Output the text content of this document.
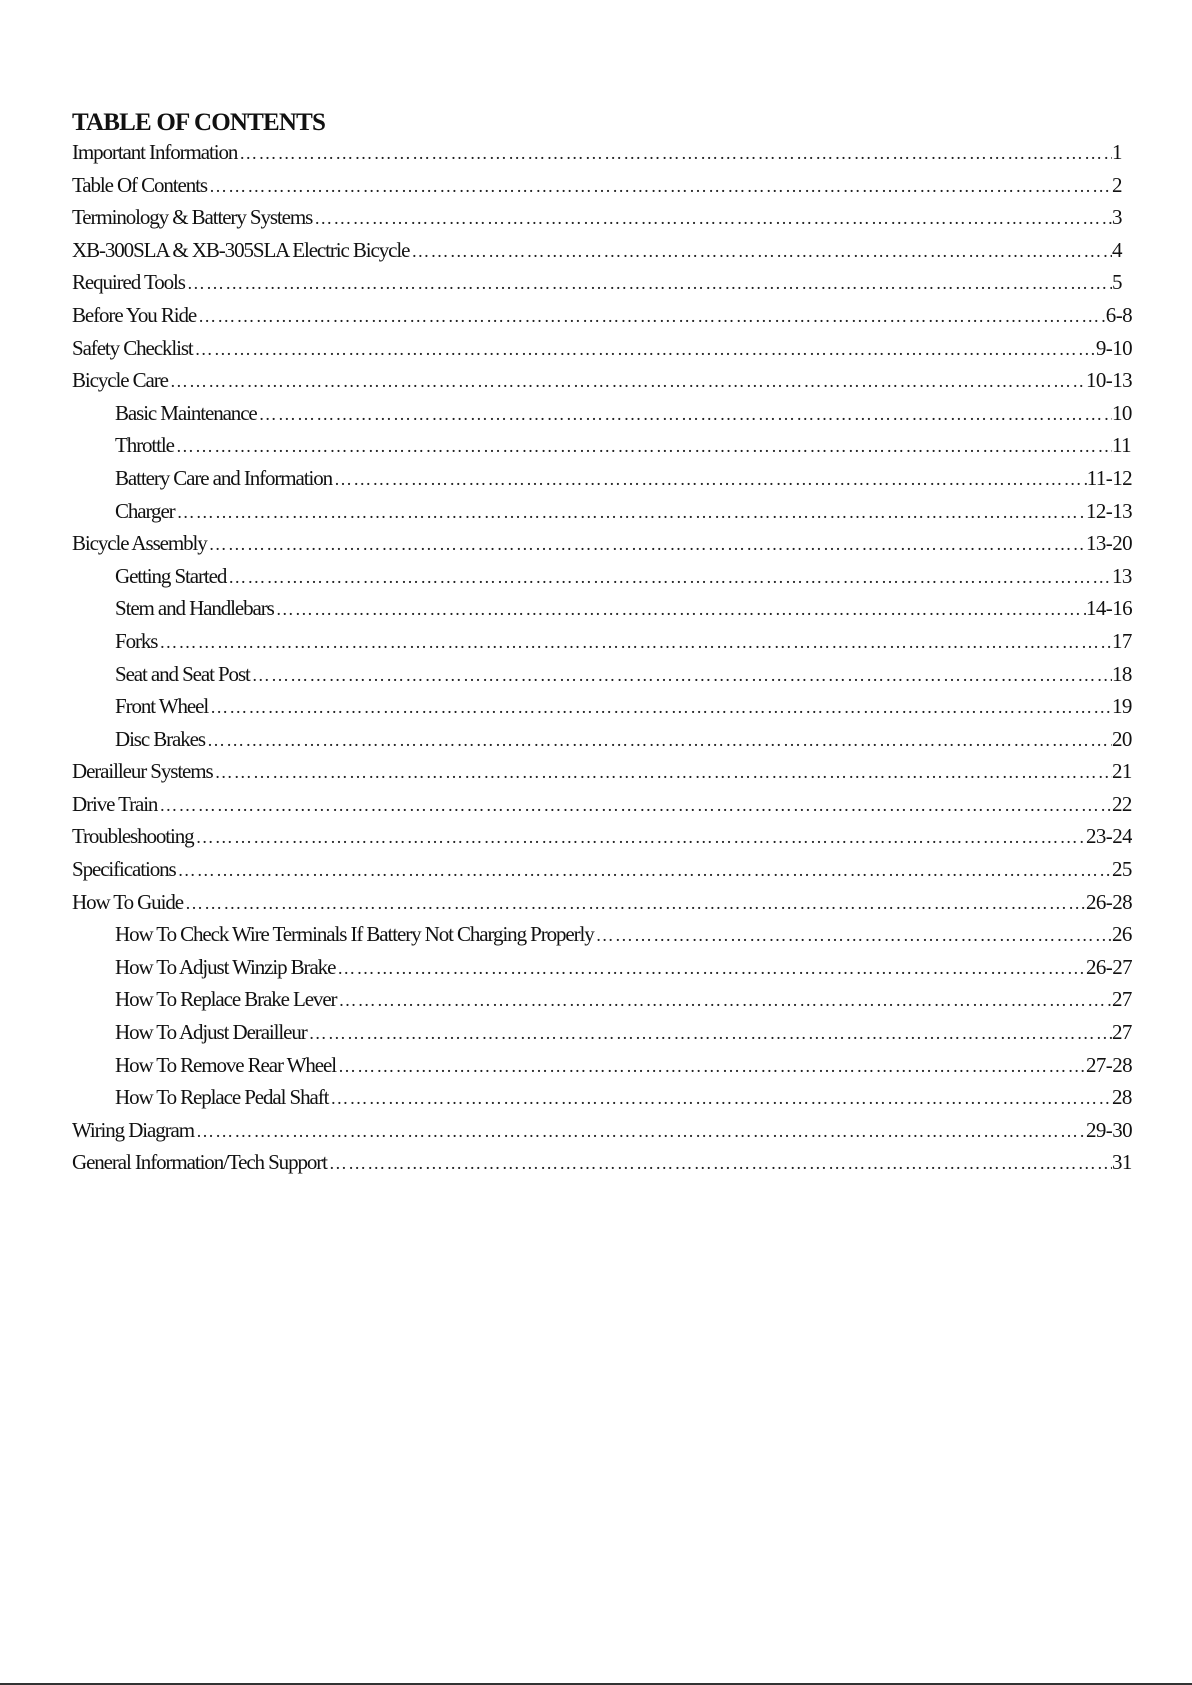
TABLE OF CONTENTS
Important Information …………………………………………………………………………………………………………………………………………………………………………………………………………………………………	1
Table Of Contents …………………………………………………………………………………………………………………………………………………………………………………………………………………………………	2
Terminology & Battery Systems …………………………………………………………………………………………………………………………………………………………………………………………………………………………………	3
XB-300SLA & XB-305SLA Electric Bicycle …………………………………………………………………………………………………………………………………………………………………………………………………………………………………	4
Required Tools …………………………………………………………………………………………………………………………………………………………………………………………………………………………………	5
Before You Ride …………………………………………………………………………………………………………………………………………………………………………………………………………………………………	6-8
Safety Checklist …………………………………………………………………………………………………………………………………………………………………………………………………………………………………	9-10
Bicycle Care …………………………………………………………………………………………………………………………………………………………………………………………………………………………………	10-13
Basic Maintenance …………………………………………………………………………………………………………………………………………………………………………………………………………………………………	10
Throttle …………………………………………………………………………………………………………………………………………………………………………………………………………………………………	11
Battery Care and Information …………………………………………………………………………………………………………………………………………………………………………………………………………………………………	11-12
Charger …………………………………………………………………………………………………………………………………………………………………………………………………………………………………	12-13
Bicycle Assembly …………………………………………………………………………………………………………………………………………………………………………………………………………………………………	13-20
Getting Started …………………………………………………………………………………………………………………………………………………………………………………………………………………………………	13
Stem and Handlebars …………………………………………………………………………………………………………………………………………………………………………………………………………………………………	14-16
Forks …………………………………………………………………………………………………………………………………………………………………………………………………………………………………	17
Seat and Seat Post …………………………………………………………………………………………………………………………………………………………………………………………………………………………………	18
Front Wheel …………………………………………………………………………………………………………………………………………………………………………………………………………………………………	19
Disc Brakes …………………………………………………………………………………………………………………………………………………………………………………………………………………………………	20
Derailleur Systems …………………………………………………………………………………………………………………………………………………………………………………………………………………………………	21
Drive Train …………………………………………………………………………………………………………………………………………………………………………………………………………………………………	22
Troubleshooting …………………………………………………………………………………………………………………………………………………………………………………………………………………………………	23-24
Specifications …………………………………………………………………………………………………………………………………………………………………………………………………………………………………	25
How To Guide …………………………………………………………………………………………………………………………………………………………………………………………………………………………………	26-28
How To Check Wire Terminals If Battery Not Charging Properly …………………………………………………………………………………………………………………………………………………………………………………………………………………………………	26
How To Adjust Winzip Brake …………………………………………………………………………………………………………………………………………………………………………………………………………………………………	26-27
How To Replace Brake Lever …………………………………………………………………………………………………………………………………………………………………………………………………………………………………	27
How To Adjust Derailleur …………………………………………………………………………………………………………………………………………………………………………………………………………………………………	27
How To Remove Rear Wheel …………………………………………………………………………………………………………………………………………………………………………………………………………………………………	27-28
How To Replace Pedal Shaft …………………………………………………………………………………………………………………………………………………………………………………………………………………………………	28
Wiring Diagram …………………………………………………………………………………………………………………………………………………………………………………………………………………………………	29-30
General Information/Tech Support …………………………………………………………………………………………………………………………………………………………………………………………………………………………………	31
